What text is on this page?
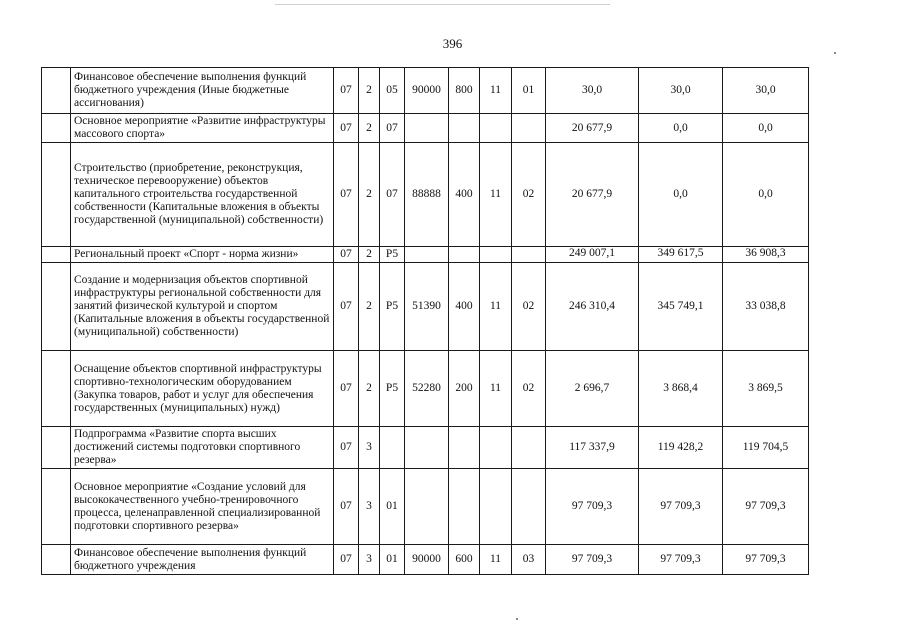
396
	Финансовое обеспечение выполнения функций бюджетного учреждения (Иные бюджетные ассигнования)	07	2	05	90000	800	11	01	30,0	30,0	30,0
	Основное мероприятие «Развитие инфраструктуры массового спорта»	07	2	07					20 677,9	0,0	0,0
	Строительство (приобретение, реконструкция, техническое перевооружение) объектов капитального строительства государственной собственности (Капитальные вложения в объекты государственной (муниципальной) собственности)	07	2	07	88888	400	11	02	20 677,9	0,0	0,0
	Региональный проект «Спорт - норма жизни»	07	2	P5					249 007,1	349 617,5	36 908,3
	Создание и модернизация объектов спортивной инфраструктуры региональной собственности для занятий физической культурой и спортом (Капитальные вложения в объекты государственной (муниципальной) собственности)	07	2	P5	51390	400	11	02	246 310,4	345 749,1	33 038,8
	Оснащение объектов спортивной инфраструктуры спортивно-технологическим оборудованием (Закупка товаров, работ и услуг для обеспечения государственных (муниципальных) нужд)	07	2	P5	52280	200	11	02	2 696,7	3 868,4	3 869,5
	Подпрограмма «Развитие спорта высших достижений системы подготовки спортивного резерва»	07	3						117 337,9	119 428,2	119 704,5
	Основное мероприятие «Создание условий для высококачественного учебно-тренировочного процесса, целенаправленной специализированной подготовки спортивного резерва»	07	3	01					97 709,3	97 709,3	97 709,3
	Финансовое обеспечение выполнения функций бюджетного учреждения	07	3	01	90000	600	11	03	97 709,3	97 709,3	97 709,3
